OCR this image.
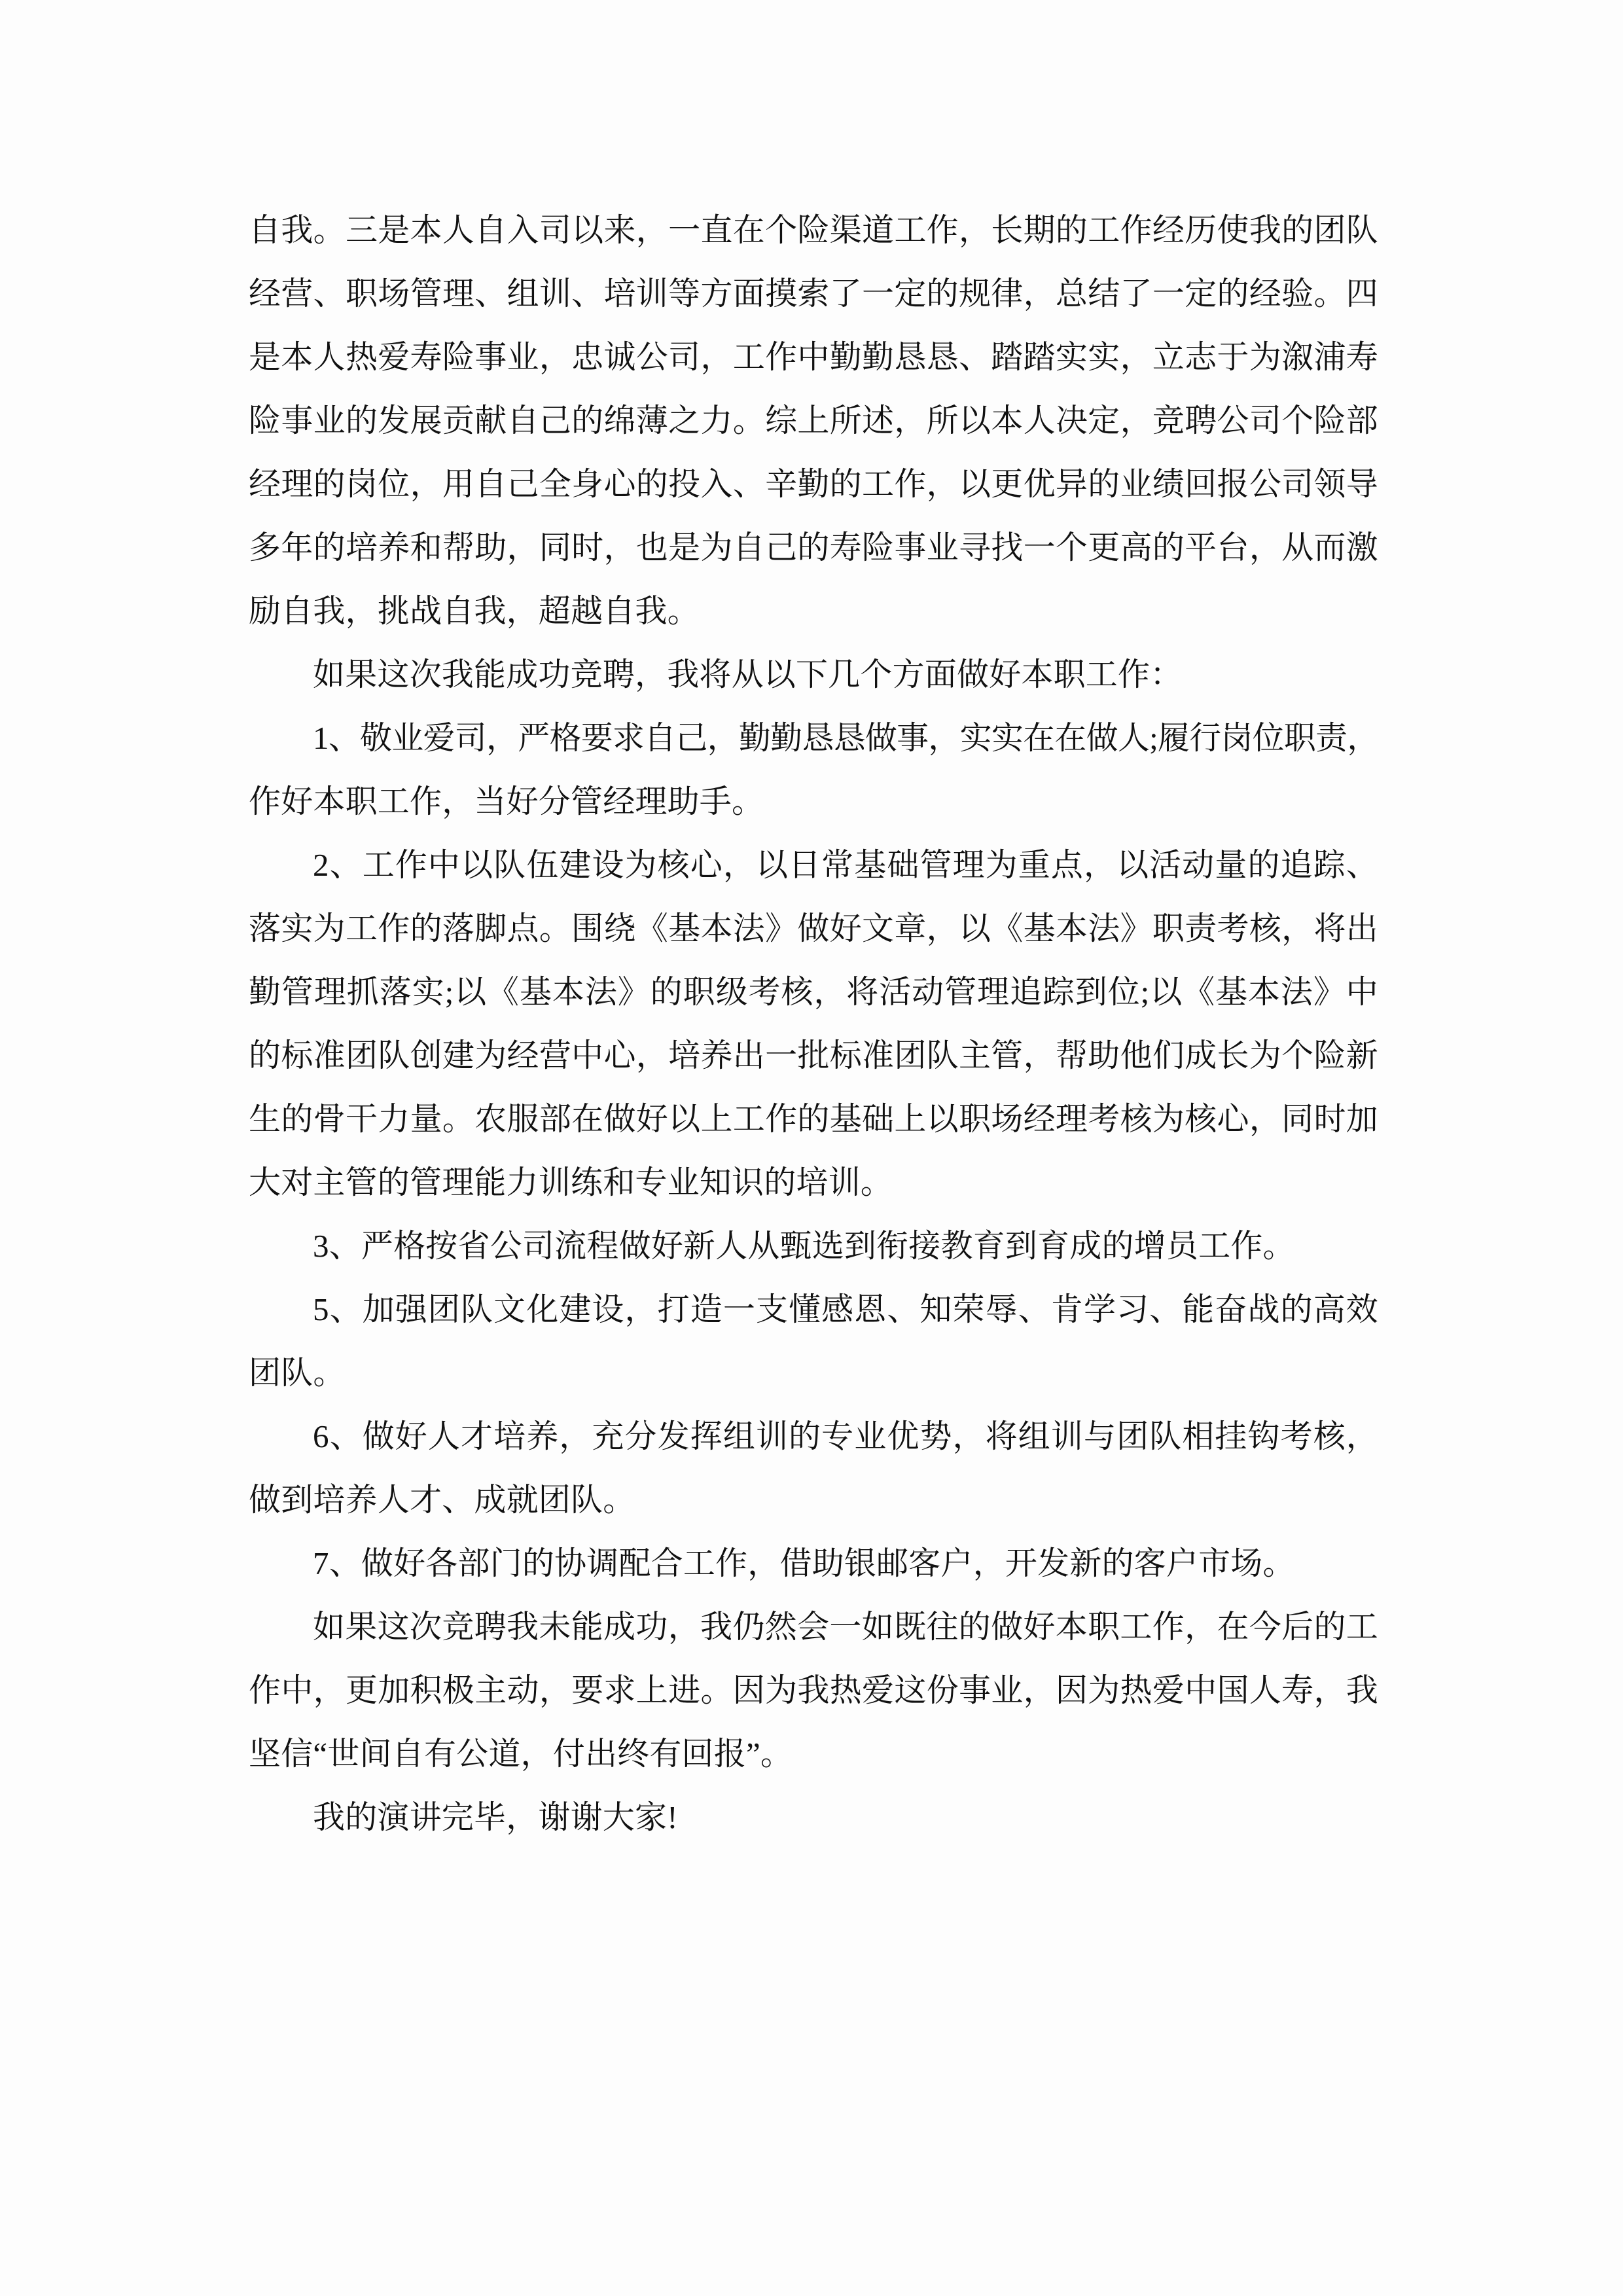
自我。三是本人自入司以来，一直在个险渠道工作，长期的工作经历使我的团队
经营、职场管理、组训、培训等方面摸索了一定的规律，总结了一定的经验。四
是本人热爱寿险事业，忠诚公司，工作中勤勤恳恳、踏踏实实，立志于为溆浦寿
险事业的发展贡献自己的绵薄之力。综上所述，所以本人决定，竞聘公司个险部
经理的岗位，用自己全身心的投入、辛勤的工作，以更优异的业绩回报公司领导
多年的培养和帮助，同时，也是为自己的寿险事业寻找一个更高的平台，从而激
励自我，挑战自我，超越自我。
如果这次我能成功竞聘，我将从以下几个方面做好本职工作：
1、敬业爱司，严格要求自己，勤勤恳恳做事，实实在在做人;履行岗位职责，
作好本职工作，当好分管经理助手。
2、工作中以队伍建设为核心，以日常基础管理为重点，以活动量的追踪、
落实为工作的落脚点。围绕《基本法》做好文章，以《基本法》职责考核，将出
勤管理抓落实;以《基本法》的职级考核，将活动管理追踪到位;以《基本法》中
的标准团队创建为经营中心，培养出一批标准团队主管，帮助他们成长为个险新
生的骨干力量。农服部在做好以上工作的基础上以职场经理考核为核心，同时加
大对主管的管理能力训练和专业知识的培训。
3、严格按省公司流程做好新人从甄选到衔接教育到育成的增员工作。
5、加强团队文化建设，打造一支懂感恩、知荣辱、肯学习、能奋战的高效
团队。
6、做好人才培养，充分发挥组训的专业优势，将组训与团队相挂钩考核，
做到培养人才、成就团队。
7、做好各部门的协调配合工作，借助银邮客户，开发新的客户市场。
如果这次竞聘我未能成功，我仍然会一如既往的做好本职工作，在今后的工
作中，更加积极主动，要求上进。因为我热爱这份事业，因为热爱中国人寿，我
坚信“世间自有公道，付出终有回报”。
我的演讲完毕，谢谢大家!
